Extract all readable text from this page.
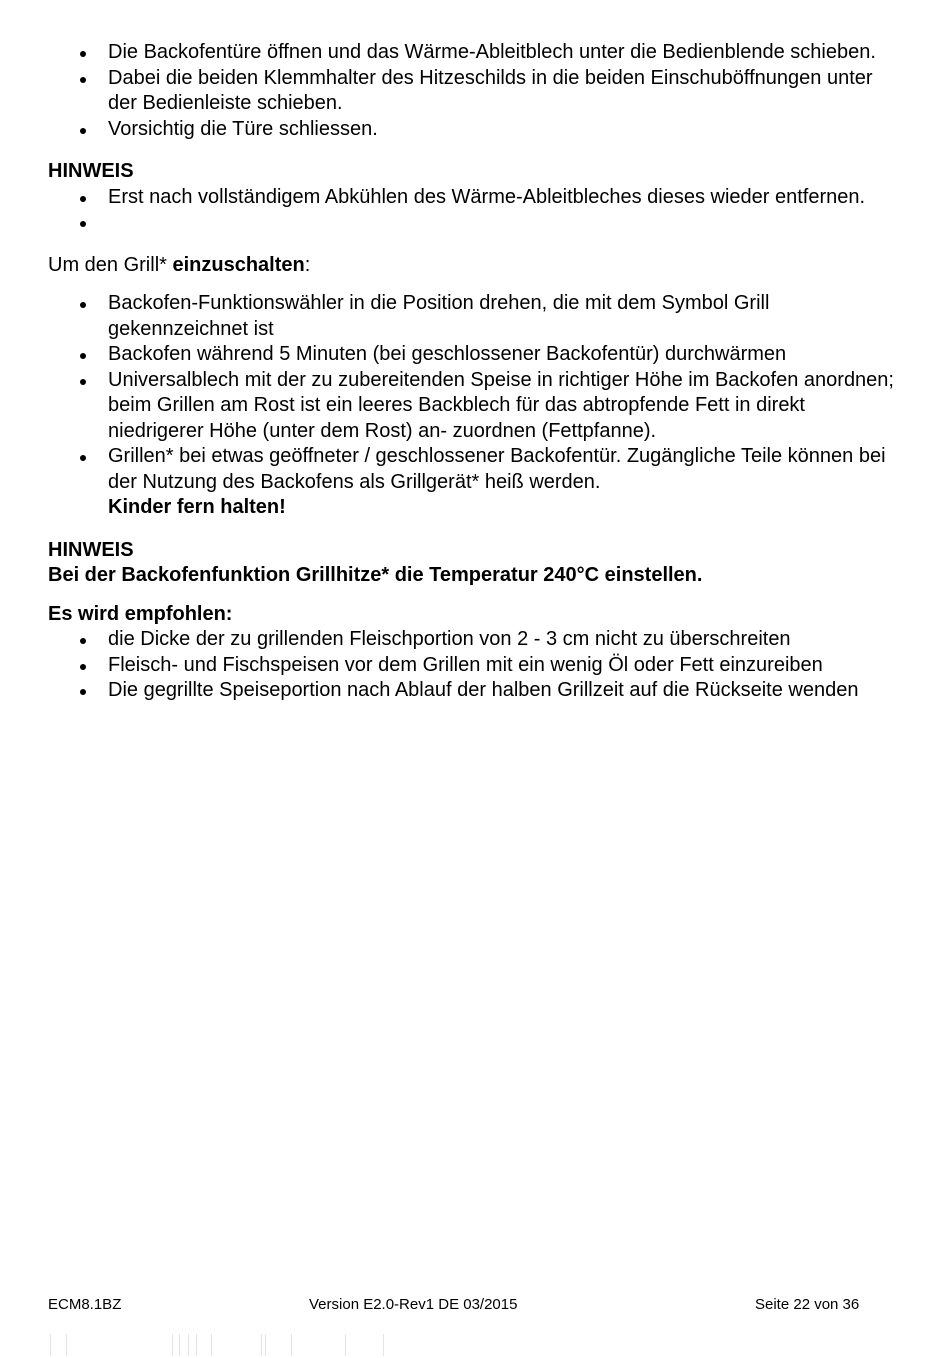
Die Backofentüre öffnen und das Wärme-Ableitblech unter die Bedienblende schieben.
Dabei die beiden Klemmhalter des Hitzeschilds in die beiden Einschuböffnungen unter der Bedienleiste schieben.
Vorsichtig die Türe schliessen.
HINWEIS
Erst nach vollständigem Abkühlen des Wärme-Ableitbleches dieses wieder entfernen.
Um den Grill* einzuschalten:
Backofen-Funktionswähler in die Position drehen, die mit dem Symbol Grill gekennzeichnet ist
Backofen während 5 Minuten (bei geschlossener Backofentür) durchwärmen
Universalblech mit der zu zubereitenden Speise in richtiger Höhe im Backofen anordnen; beim Grillen am Rost ist ein leeres Backblech für das abtropfende Fett in direkt niedrigerer Höhe (unter dem Rost) an- zuordnen (Fettpfanne).
Grillen* bei etwas geöffneter / geschlossener Backofentür. Zugängliche Teile können bei der Nutzung des Backofens als Grillgerät* heiß werden.
Kinder fern halten!
HINWEIS
Bei der Backofenfunktion Grillhitze* die Temperatur 240°C einstellen.
Es wird empfohlen:
die Dicke der zu grillenden Fleischportion von 2 - 3 cm nicht zu überschreiten
Fleisch- und Fischspeisen vor dem Grillen mit ein wenig Öl oder Fett einzureiben
Die gegrillte Speiseportion nach Ablauf der halben Grillzeit auf die Rückseite wenden
ECM8.1BZ	Version E2.0-Rev1 DE 03/2015	Seite 22 von 36
